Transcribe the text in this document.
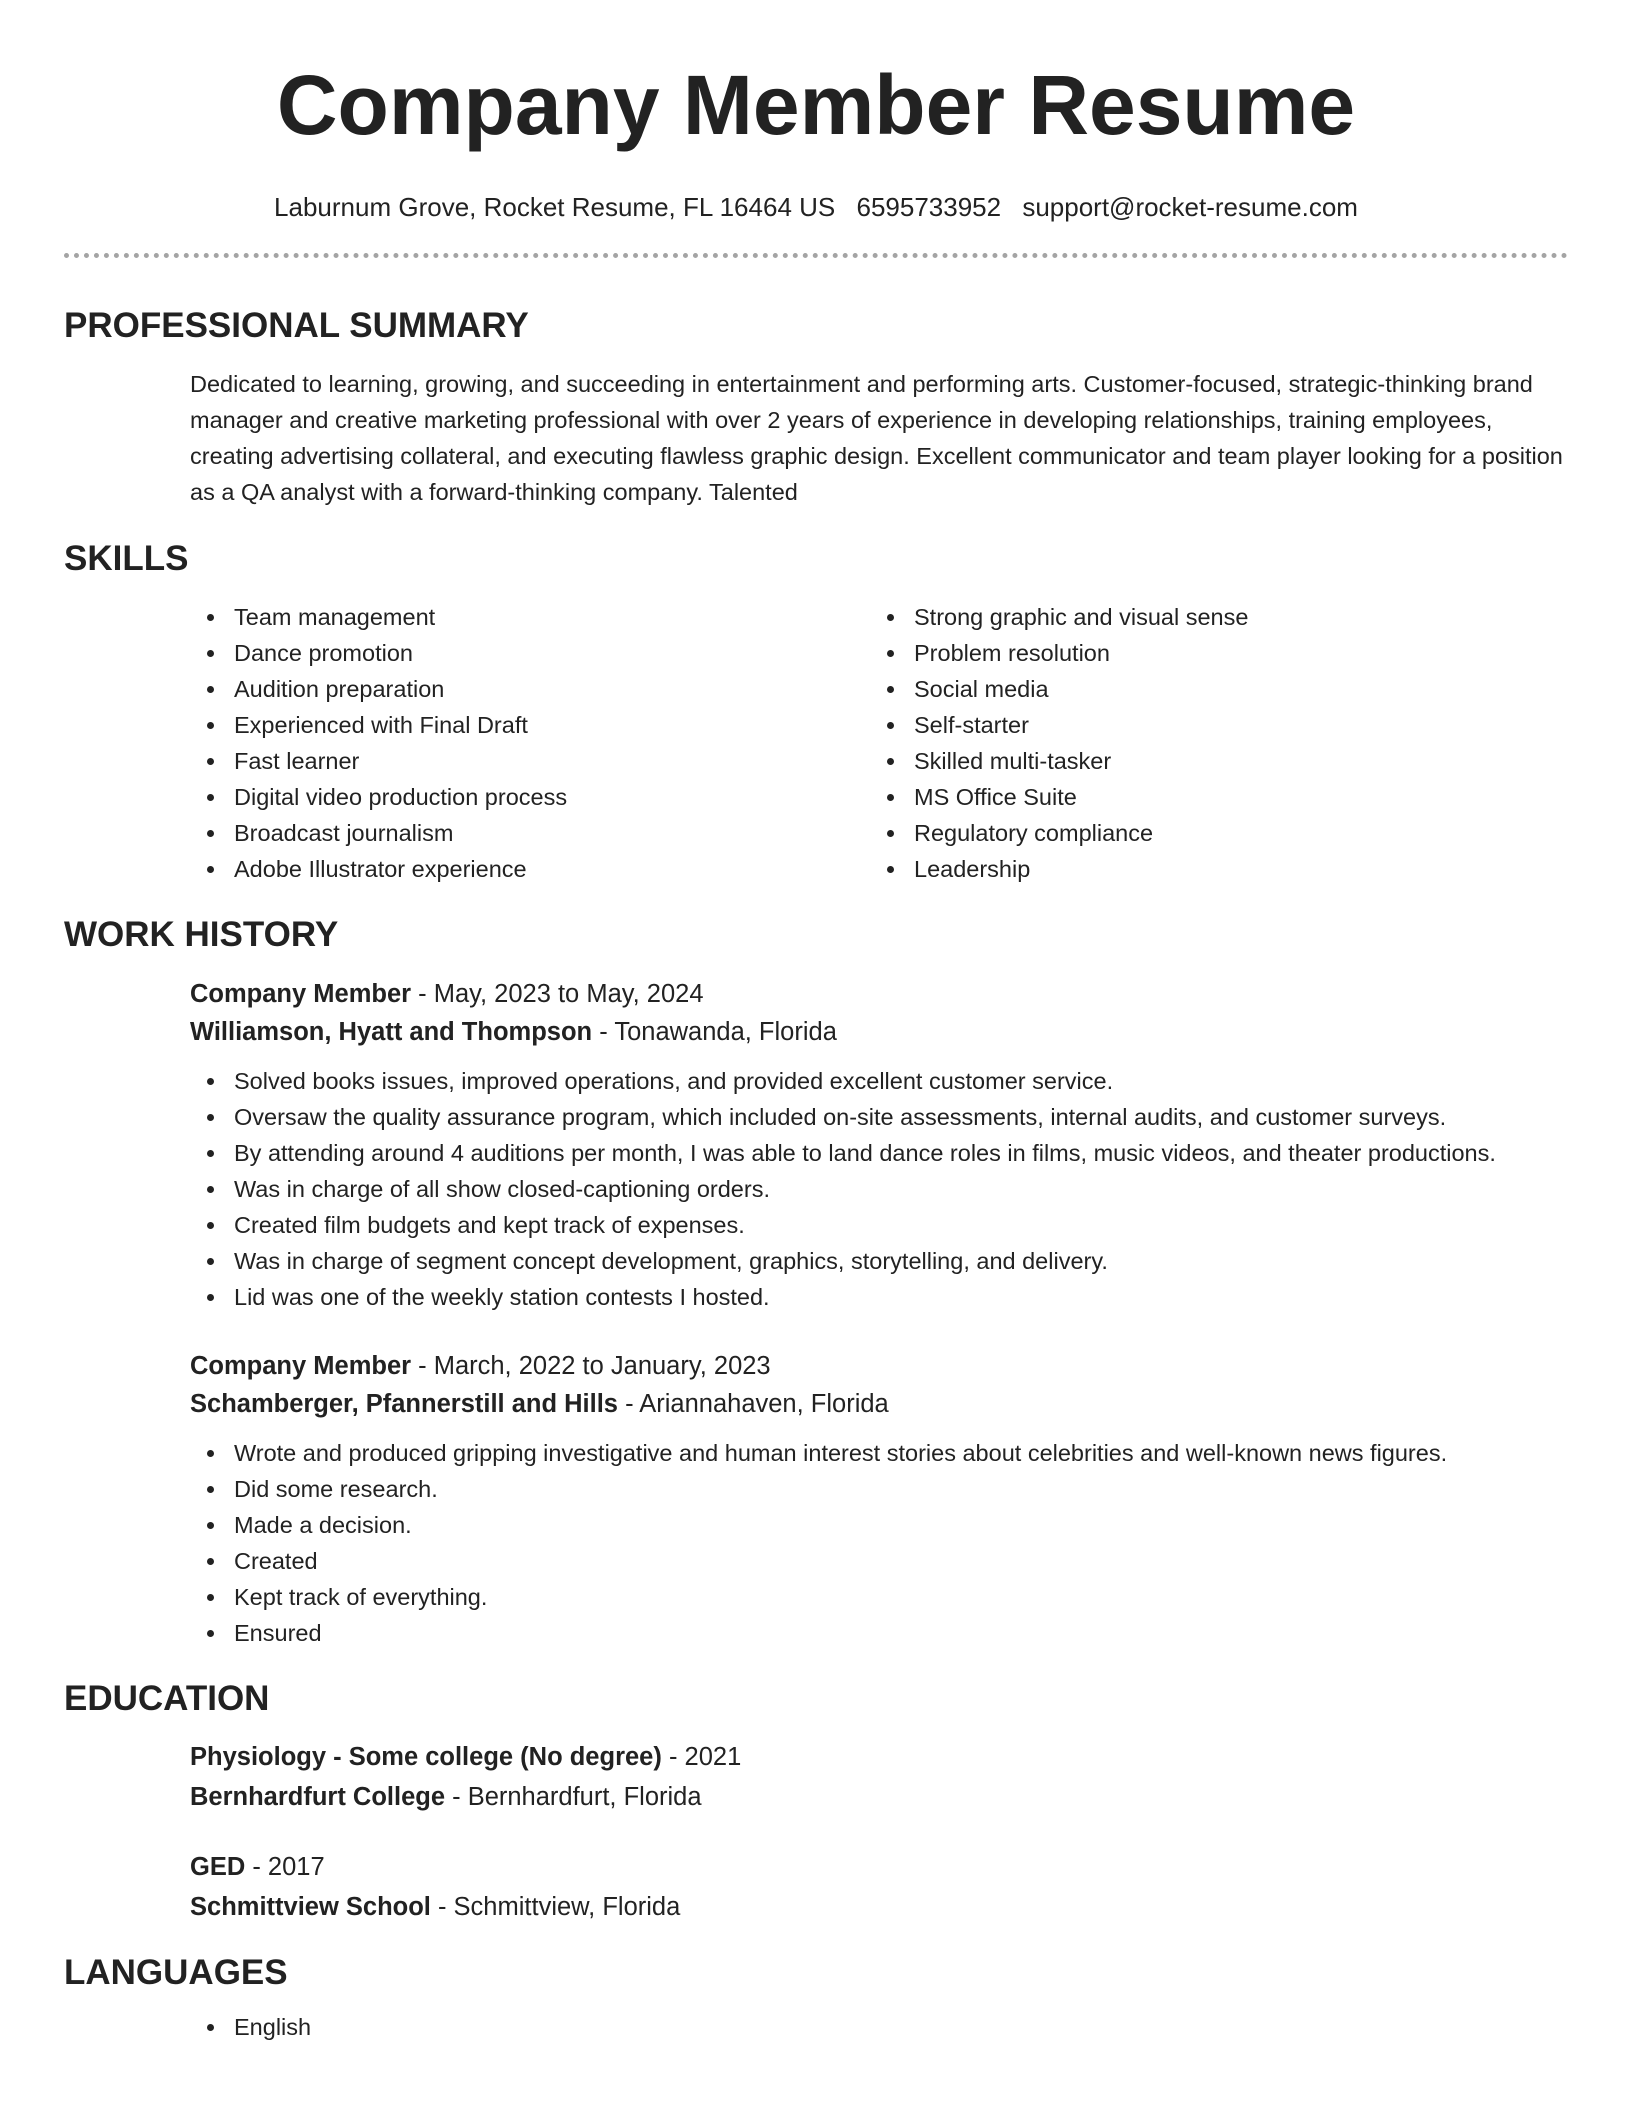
Company Member Resume
Laburnum Grove, Rocket Resume, FL 16464 US 6595733952 support@rocket-resume.com
PROFESSIONAL SUMMARY

Dedicated to learning, growing, and succeeding in entertainment and performing arts. Customer-focused, strategic-thinking brand manager and creative marketing professional with over 2 years of experience in developing relationships, training employees, creating advertising collateral, and executing flawless graphic design. Excellent communicator and team player looking for a position as a QA analyst with a forward-thinking company. Talented

SKILLS
Team management
Dance promotion
Audition preparation
Experienced with Final Draft
Fast learner
Digital video production process
Broadcast journalism
Adobe Illustrator experience
Strong graphic and visual sense
Problem resolution
Social media
Self-starter
Skilled multi-tasker
MS Office Suite
Regulatory compliance
Leadership
WORK HISTORY
Company Member - May, 2023 to May, 2024
Williamson, Hyatt and Thompson - Tonawanda, Florida
Solved books issues, improved operations, and provided excellent customer service.
Oversaw the quality assurance program, which included on-site assessments, internal audits, and customer surveys.
By attending around 4 auditions per month, I was able to land dance roles in films, music videos, and theater productions.
Was in charge of all show closed-captioning orders.
Created film budgets and kept track of expenses.
Was in charge of segment concept development, graphics, storytelling, and delivery.
Lid was one of the weekly station contests I hosted.
Company Member - March, 2022 to January, 2023
Schamberger, Pfannerstill and Hills - Ariannahaven, Florida
Wrote and produced gripping investigative and human interest stories about celebrities and well-known news figures.
Did some research.
Made a decision.
Created
Kept track of everything.
Ensured
EDUCATION
Physiology - Some college (No degree) - 2021
Bernhardfurt College - Bernhardfurt, Florida
GED - 2017
Schmittview School - Schmittview, Florida
LANGUAGES
English
